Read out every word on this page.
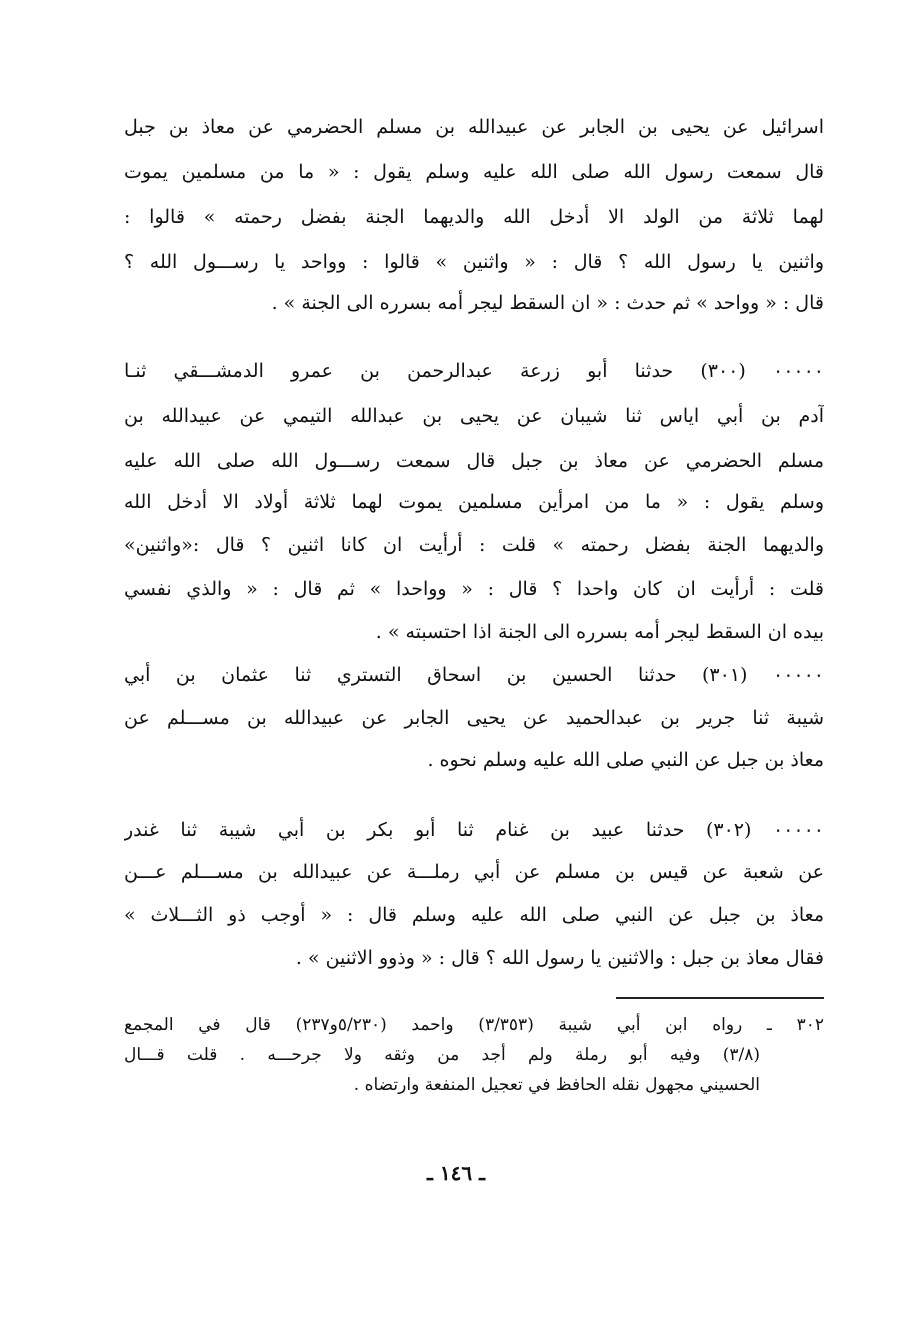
اسرائيل عن يحيى بن الجابر عن عبيدالله بن مسلم الحضرمي عن معاذ بن جبل
قال سمعت رسول الله صلى الله عليه وسلم يقول : « ما من مسلمين يموت
لهما ثلاثة من الولد الا أدخل الله والديهما الجنة بفضل رحمته » قالوا :
واثنين يا رسول الله ؟ قال : « واثنين » قالوا : وواحد يا رســـول الله ؟
قال : « وواحد » ثم حدث : « ان السقط ليجر أمه بسرره الى الجنة » .
٠٠٠٠٠ (٣٠٠) حدثنا أبو زرعة عبدالرحمن بن عمرو الدمشـــقي ثنـا
آدم بن أبي اياس ثنا شيبان عن يحيى بن عبدالله التيمي عن عبيدالله بن
مسلم الحضرمي عن معاذ بن جبل قال سمعت رســـول الله صلى الله عليه
وسلم يقول : « ما من امرأين مسلمين يموت لهما ثلاثة أولاد الا أدخل الله
والديهما الجنة بفضل رحمته » قلت : أرأيت ان كانا اثنين ؟ قال :«واثنين»
قلت : أرأيت ان كان واحدا ؟ قال : « وواحدا » ثم قال : « والذي نفسي
بيده ان السقط ليجر أمه بسرره الى الجنة اذا احتسبته » .
٠٠٠٠٠ (٣٠١) حدثنا الحسين بن اسحاق التستري ثنا عثمان بن أبي
شيبة ثنا جرير بن عبدالحميد عن يحيى الجابر عن عبيدالله بن مســـلم عن
معاذ بن جبل عن النبي صلى الله عليه وسلم نحوه .
٠٠٠٠٠ (٣٠٢) حدثنا عبيد بن غنام ثنا أبو بكر بن أبي شيبة ثنا غندر
عن شعبة عن قيس بن مسلم عن أبي رملـــة عن عبيدالله بن مســـلم عـــن
معاذ بن جبل عن النبي صلى الله عليه وسلم قال : « أوجب ذو الثـــلاث »
فقال معاذ بن جبل : والاثنين يا رسول الله ؟ قال : « وذوو الاثنين » .
٣٠٢ ـ رواه ابن أبي شيبة (٣/٣٥٣) واحمد (٥/٢٣٠و٢٣٧) قال في المجمع
(٣/٨) وفيه أبو رملة ولم أجد من وثقه ولا جرحـــه . قلت قـــال
الحسيني مجهول نقله الحافظ في تعجيل المنفعة وارتضاه .
ـ ١٤٦ ـ
